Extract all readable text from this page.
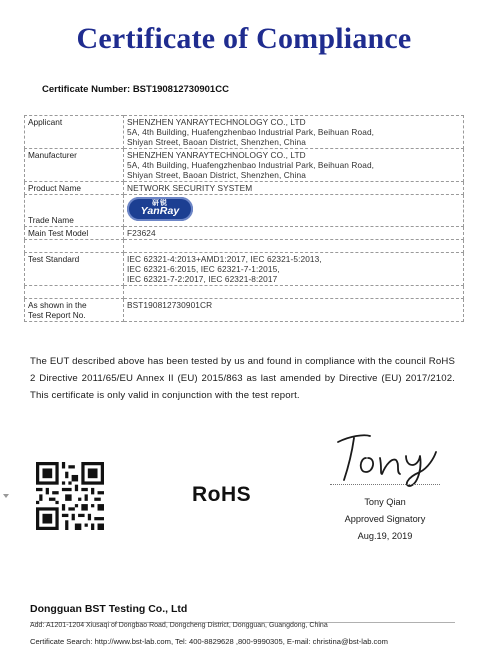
Certificate of Compliance
Certificate Number: BST190812730901CC
Applicant	SHENZHEN YANRAYTECHNOLOGY CO., LTD
5A, 4th Building, Huafengzhenbao Industrial Park, Beihuan Road,
Shiyan Street, Baoan District, Shenzhen, China

Manufacturer	SHENZHEN YANRAYTECHNOLOGY CO., LTD
5A, 4th Building, Huafengzhenbao Industrial Park, Beihuan Road,
Shiyan Street, Baoan District, Shenzhen, China

Product Name	NETWORK SECURITY SYSTEM
Trade Name	研锐
YanRay

Main Test Model	F23624

Test Standard	IEC 62321-4:2013+AMD1:2017, IEC 62321-5:2013,
IEC 62321-6:2015, IEC 62321-7-1:2015,
IEC 62321-7-2:2017, IEC 62321-8:2017

As shown in the
Test Report No.	BST190812730901CR
The EUT described above has been tested by us and found in compliance with the council RoHS 2 Directive 2011/65/EU Annex II (EU) 2015/863 as last amended by Directive (EU) 2017/2102. This certificate is only valid in conjunction with the test report.
RoHS	Tony Qian
Approved Signatory
Aug.19, 2019
Dongguan BST Testing Co., Ltd
Add: A1201-1204 Xiusaqi of Dongbao Road, Dongcheng District, Dongguan, Guangdong, China
Certificate Search: http://www.bst-lab.com, Tel: 400-8829628 ,800-9990305, E-mail: christina@bst-lab.com
